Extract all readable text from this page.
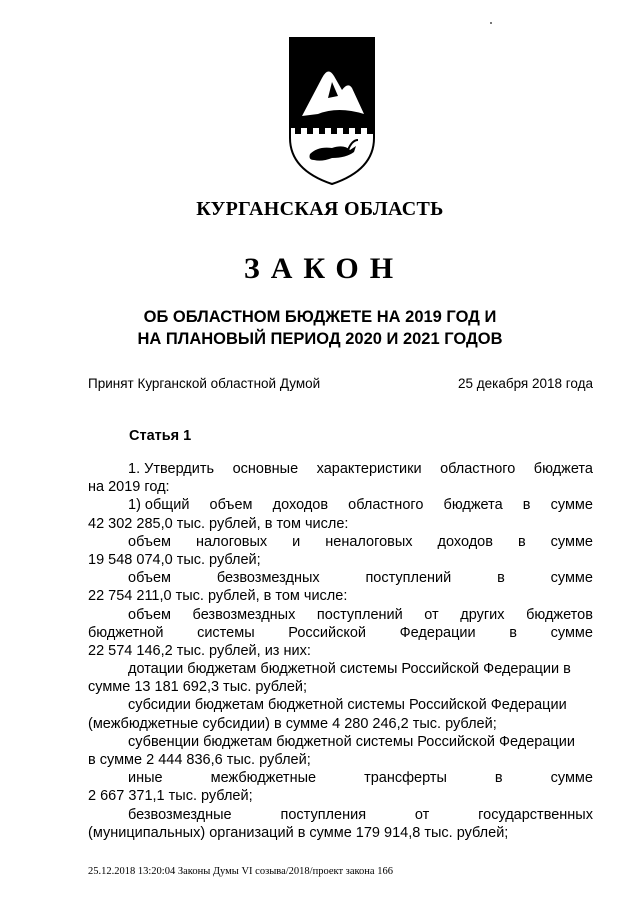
КУРГАНСКАЯ ОБЛАСТЬ
ЗАКОН
ОБ ОБЛАСТНОМ БЮДЖЕТЕ НА 2019 ГОД И
НА ПЛАНОВЫЙ ПЕРИОД 2020 И 2021 ГОДОВ
Принят Курганской областной Думой	25 декабря 2018 года
Статья 1
1. Утвердить основные характеристики областного бюджета
на 2019 год:
1) общий объем доходов областного бюджета в сумме
42 302 285,0 тыс. рублей, в том числе:
объем налоговых и неналоговых доходов в сумме
19 548 074,0 тыс. рублей;
объем	безвозмездных	поступлений	в	сумме
22 754 211,0 тыс. рублей, в том числе:
объем безвозмездных поступлений от других бюджетов
бюджетной системы Российской Федерации в сумме
22 574 146,2 тыс. рублей, из них:
дотации бюджетам бюджетной системы Российской Федерации в
сумме 13 181 692,3 тыс. рублей;
субсидии бюджетам бюджетной системы Российской Федерации
(межбюджетные субсидии) в сумме 4 280 246,2 тыс. рублей;
субвенции бюджетам бюджетной системы Российской Федерации
в сумме 2 444 836,6 тыс. рублей;
иные	межбюджетные	трансферты	в	сумме
2 667 371,1 тыс. рублей;
безвозмездные	поступления	от	государственных
(муниципальных) организаций в сумме 179 914,8 тыс. рублей;
25.12.2018 13:20:04 Законы Думы VI созыва/2018/проект закона 166
